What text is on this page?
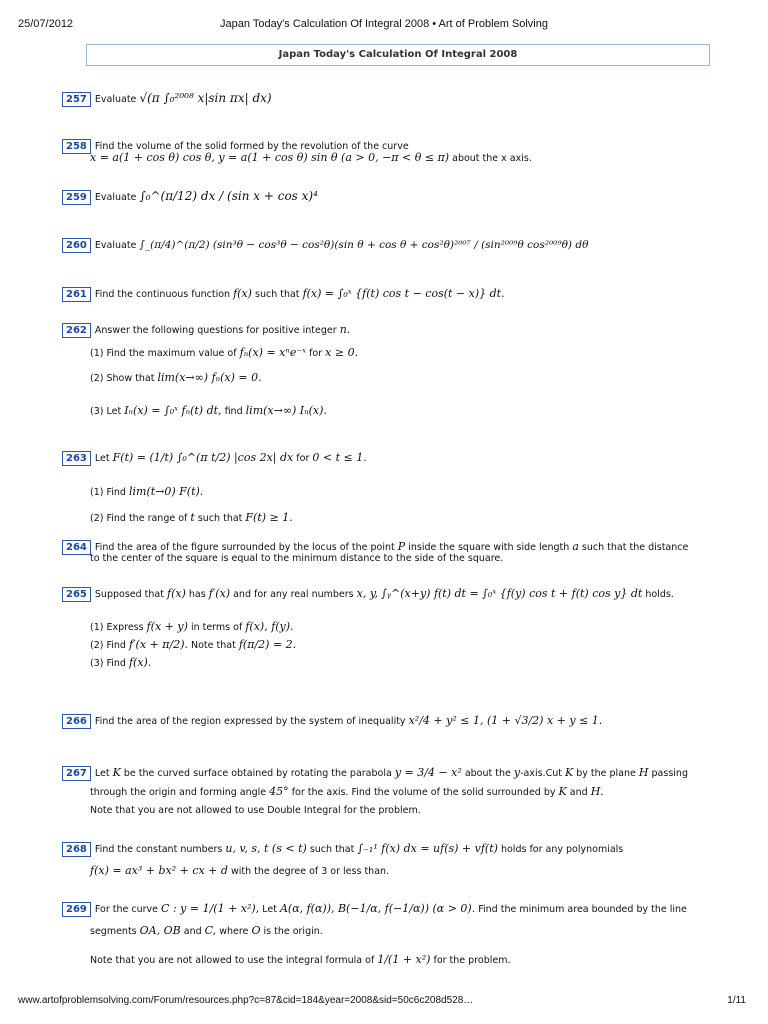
25/07/2012	Japan Today's Calculation Of Integral 2008 • Art of Problem Solving
Japan Today's Calculation Of Integral 2008
257 Evaluate √(π ∫₀²⁰⁰⁸ x|sin πx| dx)
258 Find the volume of the solid formed by the revolution of the curve
x = a(1 + cos θ) cos θ, y = a(1 + cos θ) sin θ (a > 0, −π < θ ≤ π) about the x axis.
259 Evaluate ∫₀^(π/12) dx / (sin x + cos x)⁴
260 Evaluate ∫_(π/4)^(π/2) (sin³θ − cos³θ − cos²θ)(sin θ + cos θ + cos²θ)²⁰⁰⁷ / (sin²⁰⁰⁹θ cos²⁰⁰⁹θ) dθ
261 Find the continuous function f(x) such that f(x) = ∫₀ˣ {f(t) cos t − cos(t − x)} dt.
262 Answer the following questions for positive integer n.
(1) Find the maximum value of fₙ(x) = xⁿe⁻ˣ for x ≥ 0.
(2) Show that lim(x→∞) fₙ(x) = 0.
(3) Let Iₙ(x) = ∫₀ˣ fₙ(t) dt, find lim(x→∞) Iₙ(x).
263 Let F(t) = (1/t) ∫₀^(π t/2) |cos 2x| dx for 0 < t ≤ 1.
(1) Find lim(t→0) F(t).
(2) Find the range of t such that F(t) ≥ 1.
264 Find the area of the figure surrounded by the locus of the point P inside the square with side length a such that the distance
to the center of the square is equal to the minimum distance to the side of the square.
265 Supposed that f(x) has f′(x) and for any real numbers x, y, ∫ᵧ^(x+y) f(t) dt = ∫₀ˣ {f(y) cos t + f(t) cos y} dt holds.
(1) Express f(x + y) in terms of f(x), f(y).
(2) Find f′(x + π/2). Note that f(π/2) = 2.
(3) Find f(x).
266 Find the area of the region expressed by the system of inequality x²/4 + y² ≤ 1, (1 + √3/2) x + y ≤ 1.
267 Let K be the curved surface obtained by rotating the parabola y = 3/4 − x² about the y-axis.Cut K by the plane H passing
through the origin and forming angle 45° for the axis. Find the volume of the solid surrounded by K and H.
Note that you are not allowed to use Double Integral for the problem.
268 Find the constant numbers u, v, s, t (s < t) such that ∫₋₁¹ f(x) dx = uf(s) + vf(t) holds for any polynomials
f(x) = ax³ + bx² + cx + d with the degree of 3 or less than.
269 For the curve C : y = 1/(1 + x²), Let A(α, f(α)), B(−1/α, f(−1/α)) (α > 0). Find the minimum area bounded by the line
segments OA, OB and C, where O is the origin.
Note that you are not allowed to use the integral formula of 1/(1 + x²) for the problem.
www.artofproblemsolving.com/Forum/resources.php?c=87&cid=184&year=2008&sid=50c6c208d528…	1/11
